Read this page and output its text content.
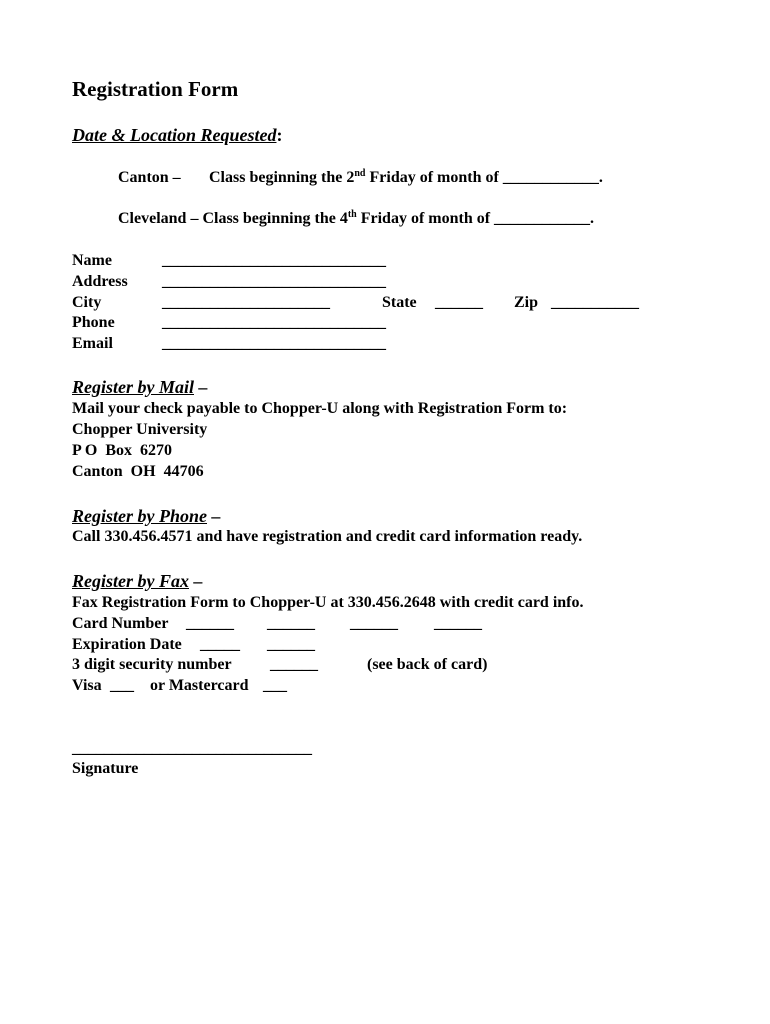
Registration Form
Date & Location Requested:
Canton – Class beginning the 2nd Friday of month of ____________.
Cleveland – Class beginning the 4th Friday of month of ____________.
Name	____________________________
Address ____________________________
City	_____________________	State ______ Zip ___________
Phone	____________________________
Email	____________________________
Register by Mail –
Mail your check payable to Chopper-U along with Registration Form to:
Chopper University
P O  Box  6270
Canton  OH  44706
Register by Phone –
Call 330.456.4571 and have registration and credit card information ready.
Register by Fax –
Fax Registration Form to Chopper-U at 330.456.2648 with credit card info.
Card Number ______ ______ ______ ______
Expiration Date _____ ______
3 digit security number ______	(see back of card)
Visa ___ or Mastercard ___
______________________________
Signature
